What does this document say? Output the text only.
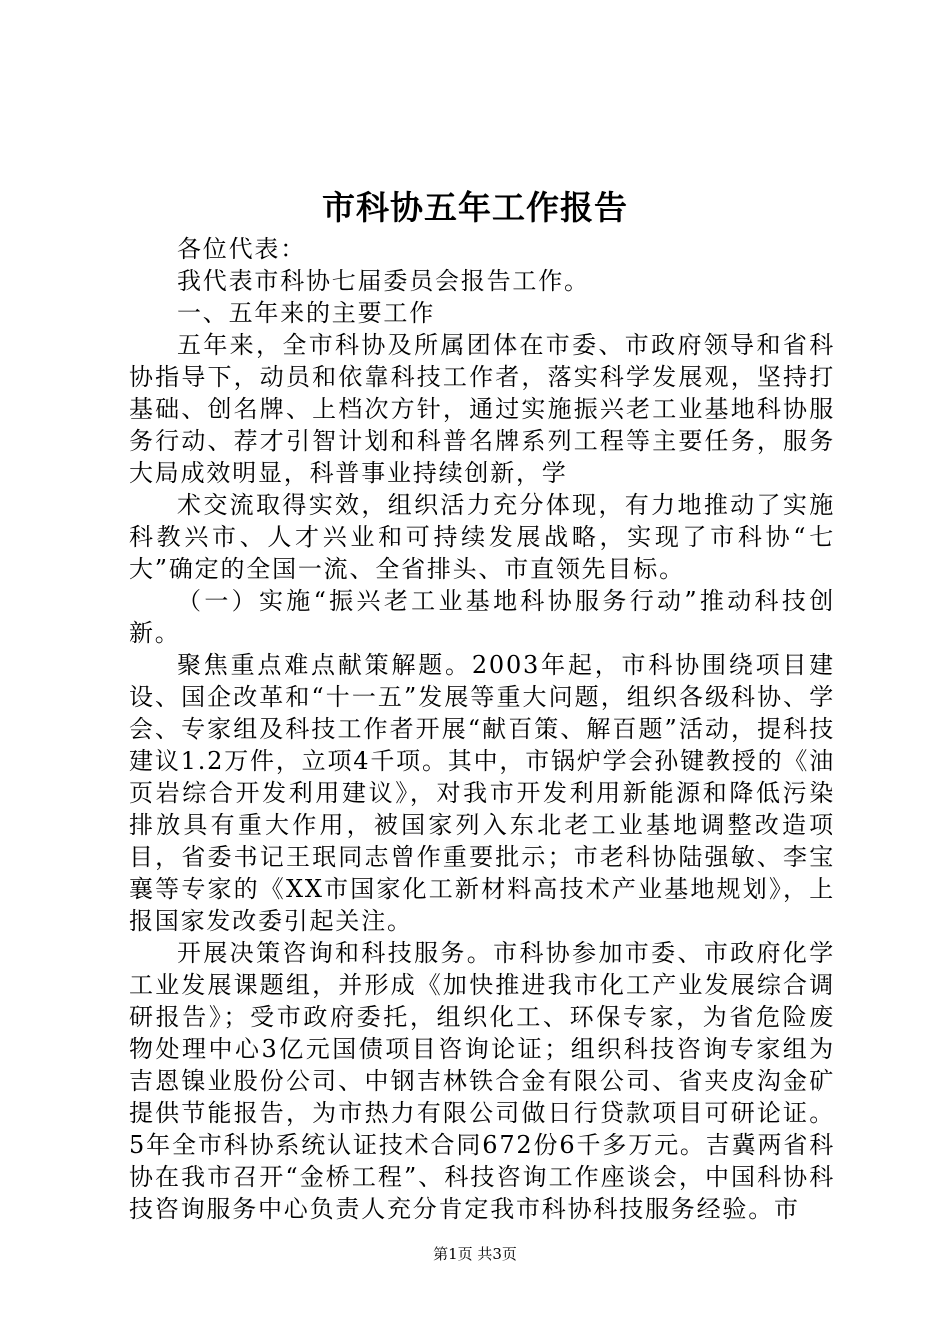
市科协五年工作报告

各位代表：

我代表市科协七届委员会报告工作。

一、五年来的主要工作

五年来，全市科协及所属团体在市委、市政府领导和省科协指导下，动员和依靠科技工作者，落实科学发展观，坚持打基础、创名牌、上档次方针，通过实施振兴老工业基地科协服务行动、荐才引智计划和科普名牌系列工程等主要任务，服务大局成效明显，科普事业持续创新，学

术交流取得实效，组织活力充分体现，有力地推动了实施科教兴市、人才兴业和可持续发展战略，实现了市科协“七大”确定的全国一流、全省排头、市直领先目标。

（一）实施“振兴老工业基地科协服务行动”推动科技创新。

聚焦重点难点献策解题。2003年起，市科协围绕项目建设、国企改革和“十一五”发展等重大问题，组织各级科协、学会、专家组及科技工作者开展“献百策、解百题”活动，提科技建议1.2万件，立项4千项。其中，市锅炉学会孙键教授的《油页岩综合开发利用建议》，对我市开发利用新能源和降低污染排放具有重大作用，被国家列入东北老工业基地调整改造项目，省委书记王珉同志曾作重要批示；市老科协陆强敏、李宝襄等专家的《XX市国家化工新材料高技术产业基地规划》，上报国家发改委引起关注。

开展决策咨询和科技服务。市科协参加市委、市政府化学工业发展课题组，并形成《加快推进我市化工产业发展综合调研报告》；受市政府委托，组织化工、环保专家，为省危险废物处理中心3亿元国债项目咨询论证；组织科技咨询专家组为吉恩镍业股份公司、中钢吉林铁合金有限公司、省夹皮沟金矿提供节能报告，为市热力有限公司做日行贷款项目可研论证。5年全市科协系统认证技术合同672份6千多万元。吉冀两省科协在我市召开“金桥工程”、科技咨询工作座谈会，中国科协科技咨询服务中心负责人充分肯定我市科协科技服务经验。市

第1页 共3页
